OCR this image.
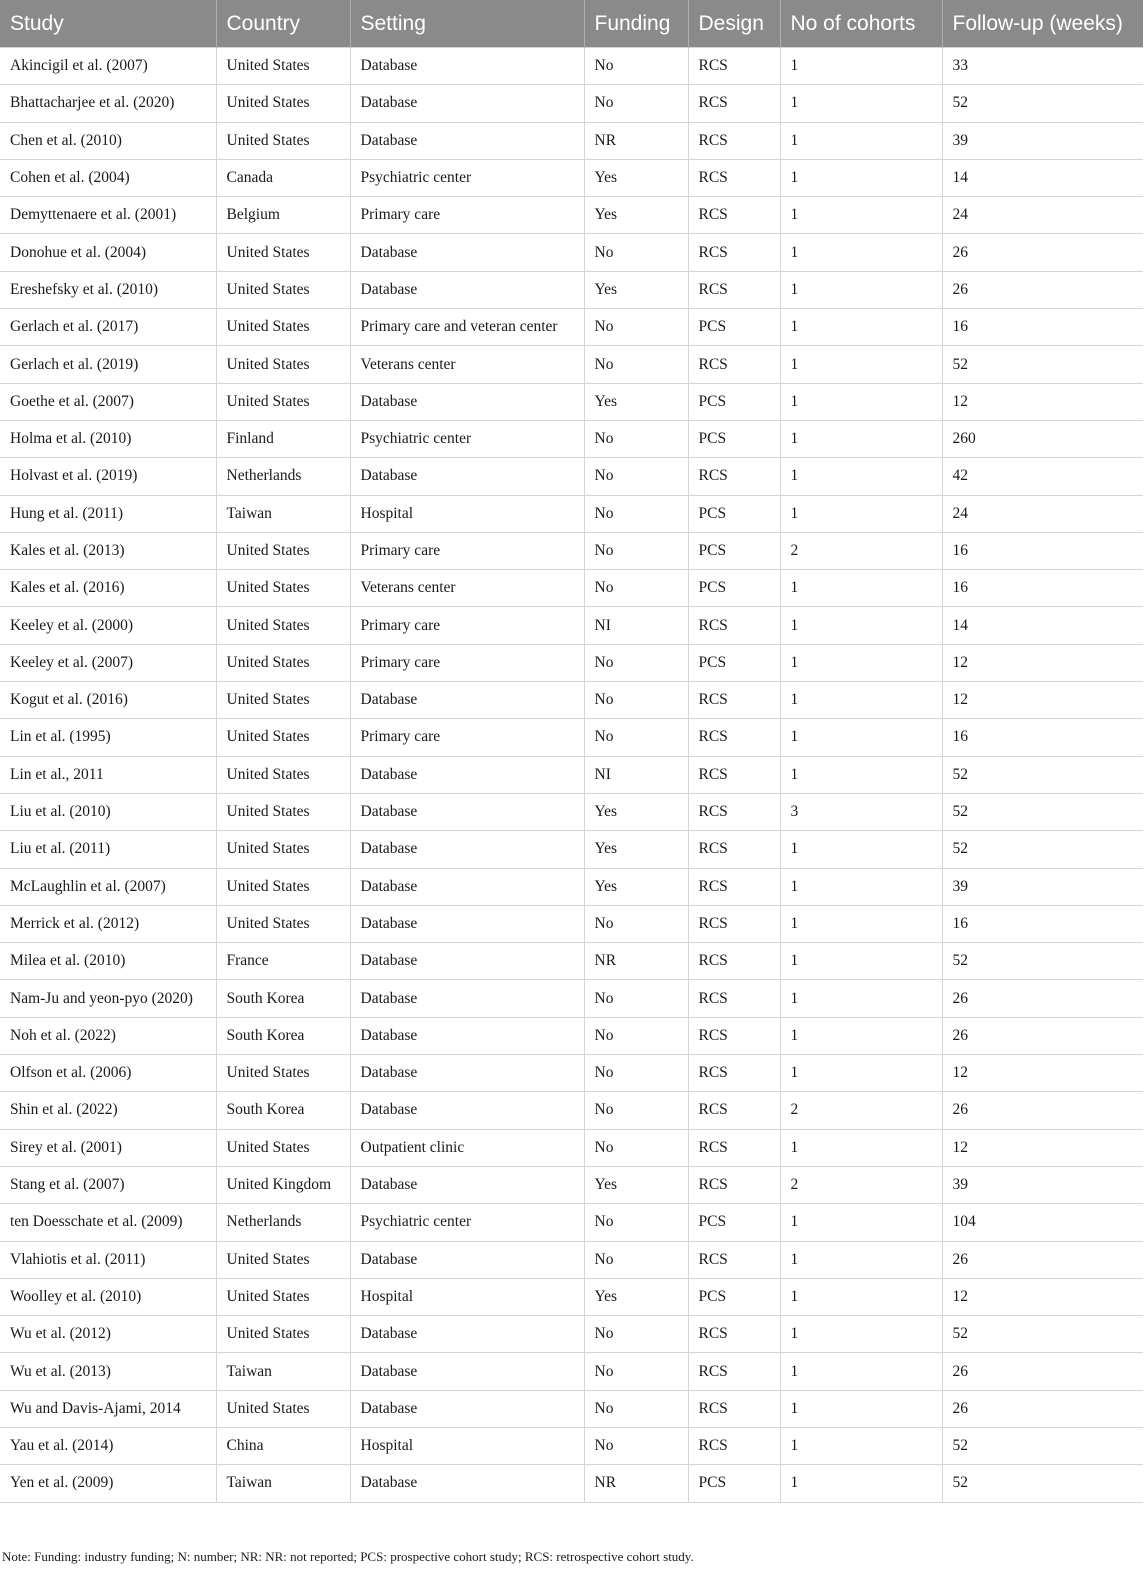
Study	Country	Setting	Funding	Design	No of cohorts	Follow-up (weeks)
Akincigil et al. (2007)	United States	Database	No	RCS	1	33
Bhattacharjee et al. (2020)	United States	Database	No	RCS	1	52
Chen et al. (2010)	United States	Database	NR	RCS	1	39
Cohen et al. (2004)	Canada	Psychiatric center	Yes	RCS	1	14
Demyttenaere et al. (2001)	Belgium	Primary care	Yes	RCS	1	24
Donohue et al. (2004)	United States	Database	No	RCS	1	26
Ereshefsky et al. (2010)	United States	Database	Yes	RCS	1	26
Gerlach et al. (2017)	United States	Primary care and veteran center	No	PCS	1	16
Gerlach et al. (2019)	United States	Veterans center	No	RCS	1	52
Goethe et al. (2007)	United States	Database	Yes	PCS	1	12
Holma et al. (2010)	Finland	Psychiatric center	No	PCS	1	260
Holvast et al. (2019)	Netherlands	Database	No	RCS	1	42
Hung et al. (2011)	Taiwan	Hospital	No	PCS	1	24
Kales et al. (2013)	United States	Primary care	No	PCS	2	16
Kales et al. (2016)	United States	Veterans center	No	PCS	1	16
Keeley et al. (2000)	United States	Primary care	NI	RCS	1	14
Keeley et al. (2007)	United States	Primary care	No	PCS	1	12
Kogut et al. (2016)	United States	Database	No	RCS	1	12
Lin et al. (1995)	United States	Primary care	No	RCS	1	16
Lin et al., 2011	United States	Database	NI	RCS	1	52
Liu et al. (2010)	United States	Database	Yes	RCS	3	52
Liu et al. (2011)	United States	Database	Yes	RCS	1	52
McLaughlin et al. (2007)	United States	Database	Yes	RCS	1	39
Merrick et al. (2012)	United States	Database	No	RCS	1	16
Milea et al. (2010)	France	Database	NR	RCS	1	52
Nam-Ju and yeon-pyo (2020)	South Korea	Database	No	RCS	1	26
Noh et al. (2022)	South Korea	Database	No	RCS	1	26
Olfson et al. (2006)	United States	Database	No	RCS	1	12
Shin et al. (2022)	South Korea	Database	No	RCS	2	26
Sirey et al. (2001)	United States	Outpatient clinic	No	RCS	1	12
Stang et al. (2007)	United Kingdom	Database	Yes	RCS	2	39
ten Doesschate et al. (2009)	Netherlands	Psychiatric center	No	PCS	1	104
Vlahiotis et al. (2011)	United States	Database	No	RCS	1	26
Woolley et al. (2010)	United States	Hospital	Yes	PCS	1	12
Wu et al. (2012)	United States	Database	No	RCS	1	52
Wu et al. (2013)	Taiwan	Database	No	RCS	1	26
Wu and Davis-Ajami, 2014	United States	Database	No	RCS	1	26
Yau et al. (2014)	China	Hospital	No	RCS	1	52
Yen et al. (2009)	Taiwan	Database	NR	PCS	1	52
Note: Funding: industry funding; N: number; NR: NR: not reported; PCS: prospective cohort study; RCS: retrospective cohort study.
